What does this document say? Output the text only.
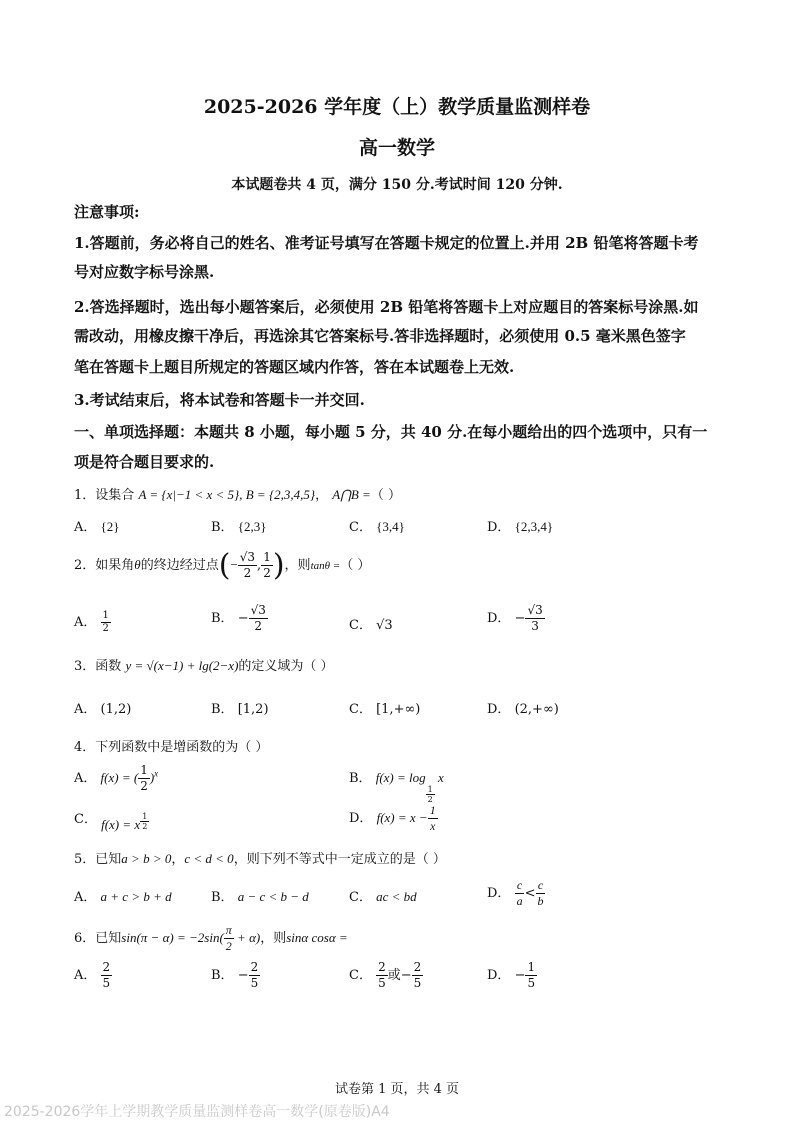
2025-2026 学年度（上）教学质量监测样卷
高一数学
本试题卷共 4 页，满分 150 分.考试时间 120 分钟.
注意事项:
1.答题前，务必将自己的姓名、准考证号填写在答题卡规定的位置上.并用 2B 铅笔将答题卡考
号对应数字标号涂黑.
2.答选择题时，选出每小题答案后，必须使用 2B 铅笔将答题卡上对应题目的答案标号涂黑.如
需改动，用橡皮擦干净后，再选涂其它答案标号.答非选择题时，必须使用 0.5 毫米黑色签字
笔在答题卡上题目所规定的答题区域内作答，答在本试题卷上无效.
3.考试结束后，将本试卷和答题卡一并交回.
一、单项选择题：本题共 8 小题，每小题 5 分，共 40 分.在每小题给出的四个选项中，只有一
项是符合题目要求的.
1．设集合 A = {x|−1 < x < 5}, B = {2,3,4,5}， A⋂B =（ ）
A． {2}	B． {2,3}	C． {3,4}	D． {2,3,4}
2．如果角θ的终边经过点(− $\frac{√3}{2}$ , $\frac{1}{2}$ )，则tanθ =（ ）
A． $\frac{1}{2}$	B． − $\frac{√3}{2}$	C． √3	D． − $\frac{√3}{3}$
3．函数 y = √(x−1) + lg(2−x)的定义域为（ ）
A． (1,2)	B． [1,2)	C． [1,+∞)	D． (2,+∞)
4．下列函数中是增函数的为（ ）
A． f(x) = ( $\frac{1}{2} )^x$	B． f(x) = log
$\frac{1}{2}$
x
C． f(x) = x $\frac{1}{2}$	D． $f(x) = x - \frac{1}{x}$
5．已知a > b > 0，c < d < 0，则下列不等式中一定成立的是（ ）
A． a + c > b + d	B． a − c < b − d	C． ac < bd	D． $\frac{c}{a} < \frac{c}{b}$
6．已知$\sin(\pi - \alpha) = -2\sin( \frac{\pi}{2} + \alpha)$，则sinα cosα =
A． $\frac{2}{5}$	B． − $\frac{2}{5}$	C． $\frac{2}{5}$ 或− $\frac{2}{5}$	D． − $\frac{1}{5}$
试卷第 1 页，共 4 页
2025-2026学年上学期教学质量监测样卷高一数学(原卷版)A4
